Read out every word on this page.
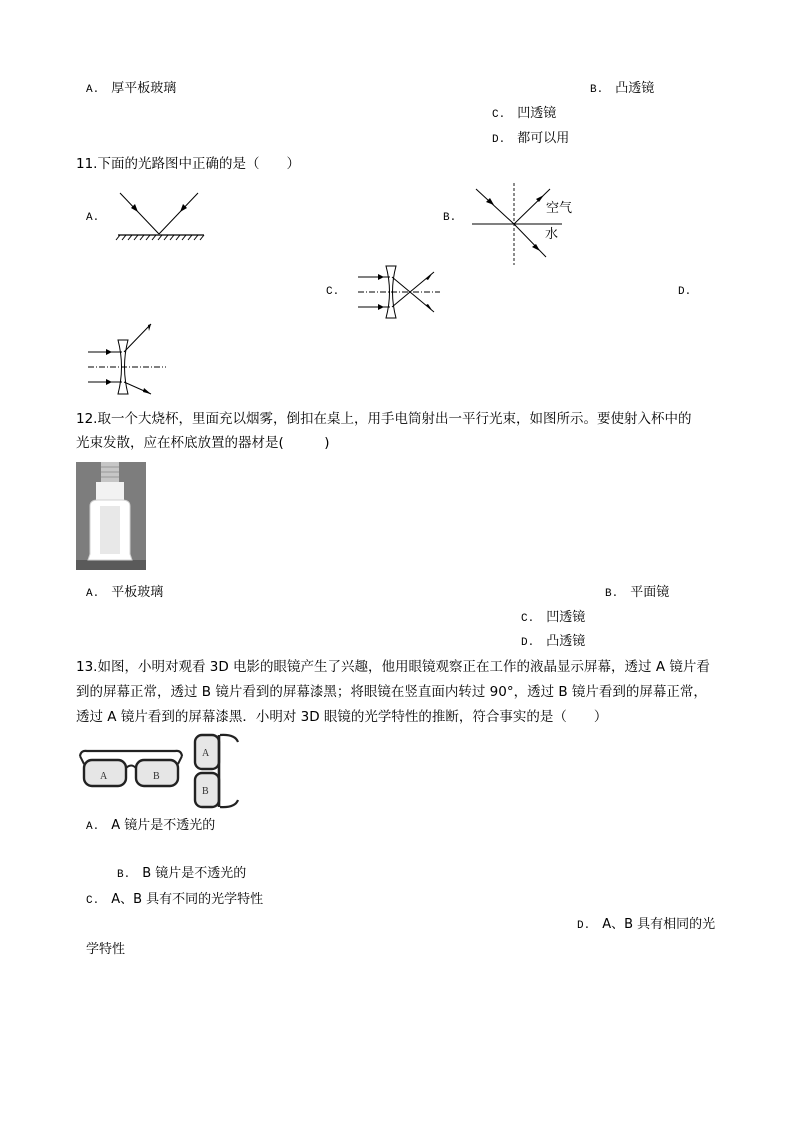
A. 厚平板玻璃	B. 凸透镜
C. 凹透镜
D. 都可以用
11.下面的光路图中正确的是（　　）
A.	B.
空气
水
C.	D.
12.取一个大烧杯，里面充以烟雾，倒扣在桌上，用手电筒射出一平行光束，如图所示。要使射入杯中的
光束发散，应在杯底放置的器材是(　　　)
A. 平板玻璃	B. 平面镜
C. 凹透镜
D. 凸透镜
13.如图，小明对观看 3D 电影的眼镜产生了兴趣，他用眼镜观察正在工作的液晶显示屏幕，透过 A 镜片看
到的屏幕正常，透过 B 镜片看到的屏幕漆黑；将眼镜在竖直面内转过 90°，透过 B 镜片看到的屏幕正常，
透过 A 镜片看到的屏幕漆黑．小明对 3D 眼镜的光学特性的推断，符合事实的是（　　）
A	B
A
B
A. A 镜片是不透光的
B. B 镜片是不透光的
C. A、B 具有不同的光学特性
D. A、B 具有相同的光
学特性
